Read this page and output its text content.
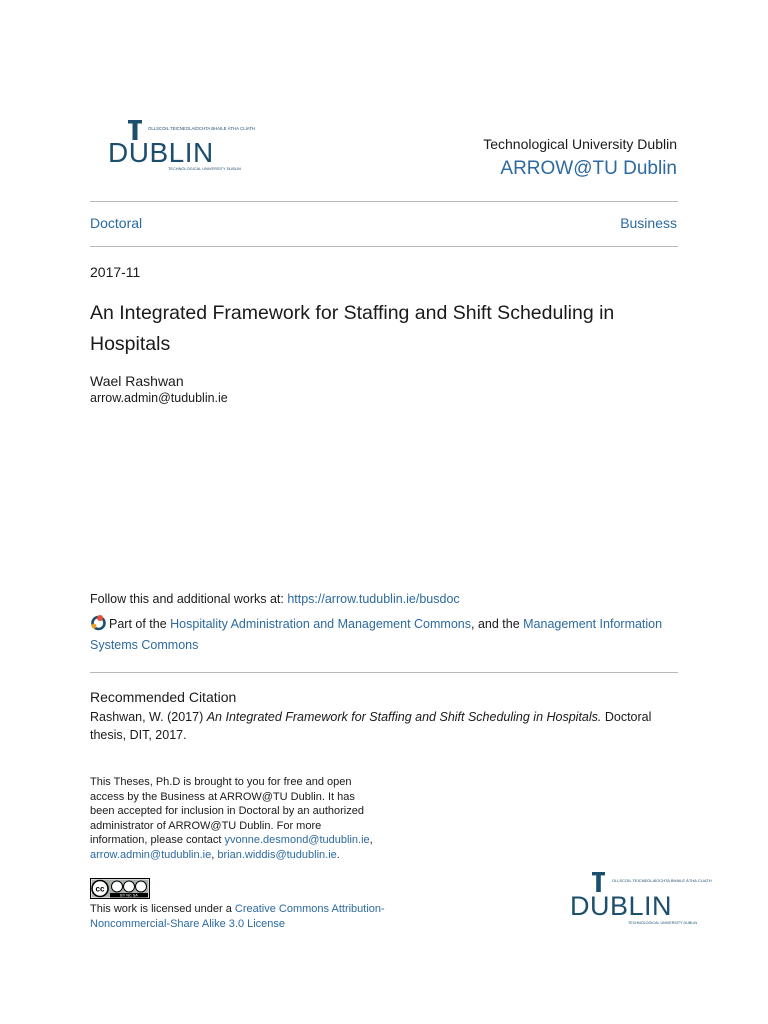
OLLSCOIL TEICNEOLAÍOCHTA BHAILE ÁTHA CLIATH
DUBLIN
TECHNOLOGICAL UNIVERSITY DUBLIN
Technological University Dublin
ARROW@TU Dublin
Doctoral	Business
2017-11
An Integrated Framework for Staffing and Shift Scheduling in Hospitals
Wael Rashwan
arrow.admin@tudublin.ie
Follow this and additional works at: https://arrow.tudublin.ie/busdoc
Part of the Hospitality Administration and Management Commons, and the Management Information Systems Commons
Recommended Citation
Rashwan, W. (2017) An Integrated Framework for Staffing and Shift Scheduling in Hospitals. Doctoral thesis, DIT, 2017.
This Theses, Ph.D is brought to you for free and open access by the Business at ARROW@TU Dublin. It has been accepted for inclusion in Doctoral by an authorized administrator of ARROW@TU Dublin. For more information, please contact yvonne.desmond@tudublin.ie, arrow.admin@tudublin.ie, brian.widdis@tudublin.ie.
cc
BY NC SA
This work is licensed under a Creative Commons Attribution-Noncommercial-Share Alike 3.0 License
OLLSCOIL TEICNEOLAÍOCHTA BHAILE ÁTHA CLIATH
DUBLIN
TECHNOLOGICAL UNIVERSITY DUBLIN
